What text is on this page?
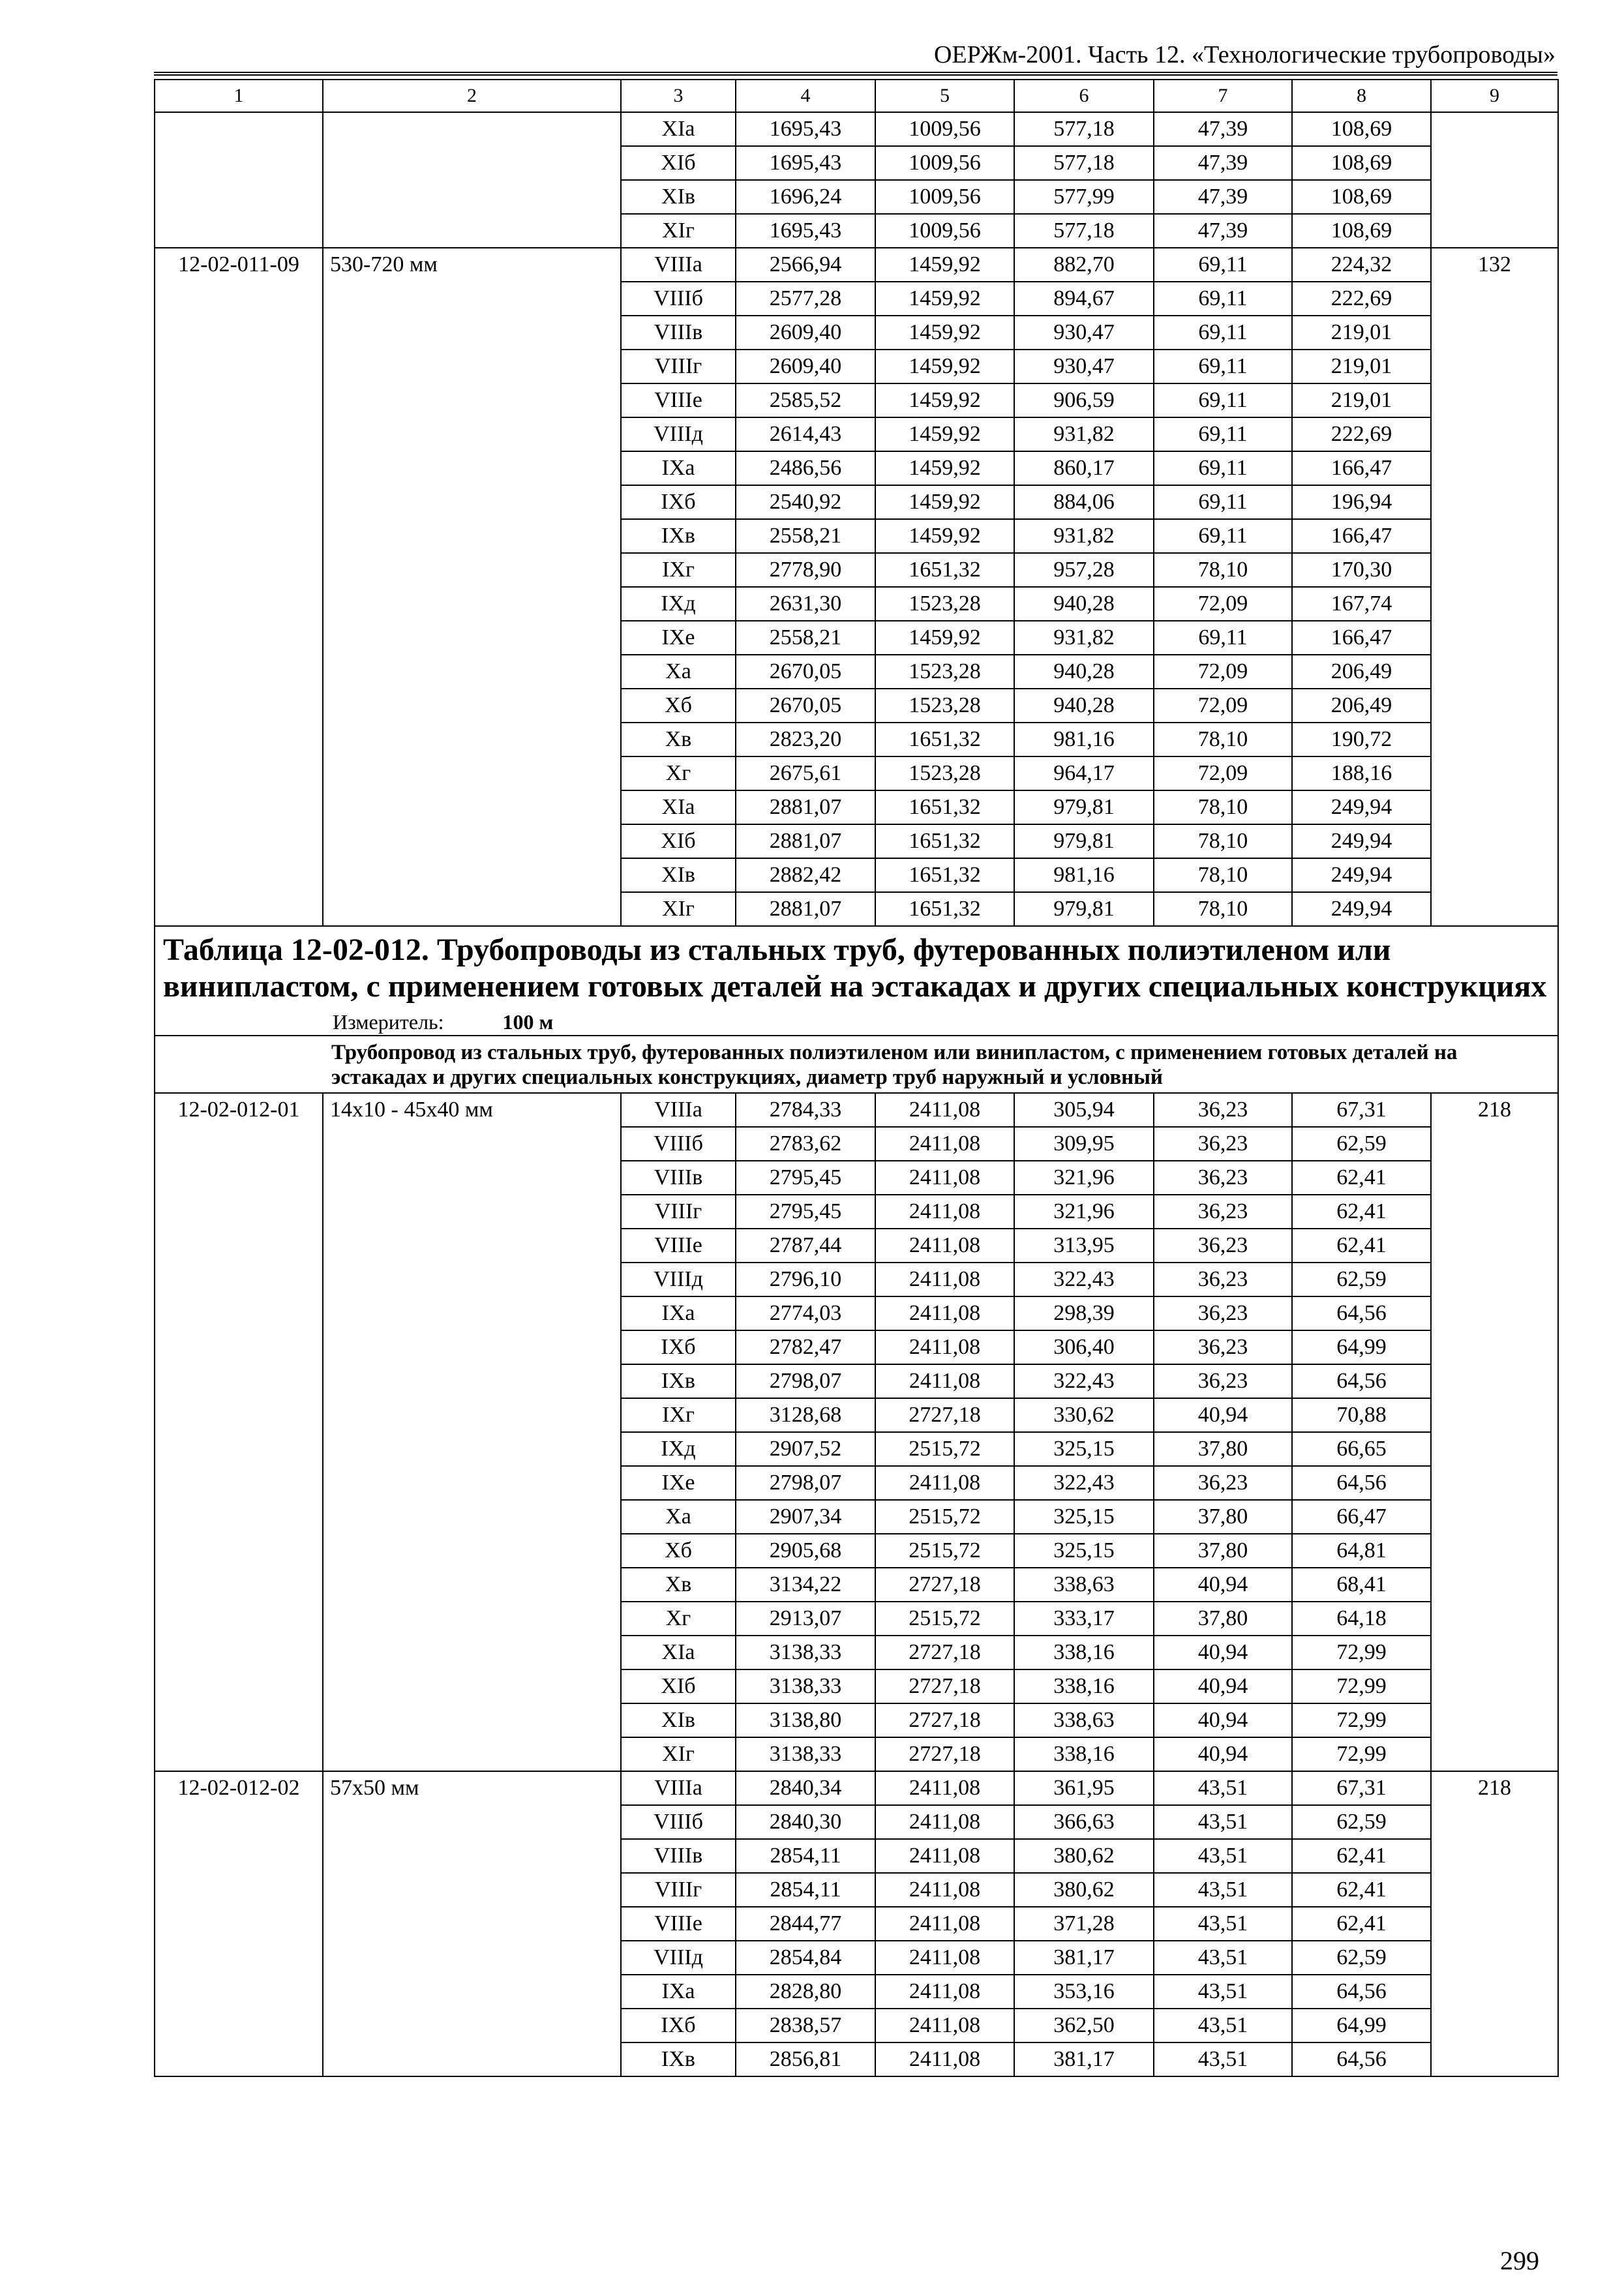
ОЕРЖм-2001. Часть 12. «Технологические трубопроводы»
1	2	3	4	5	6	7	8	9
		XIа	1695,43	1009,56	577,18	47,39	108,69	
		XIб	1695,43	1009,56	577,18	47,39	108,69	
		XIв	1696,24	1009,56	577,99	47,39	108,69	
		XIг	1695,43	1009,56	577,18	47,39	108,69	
12-02-011-09	530-720 мм	VIIIа	2566,94	1459,92	882,70	69,11	224,32	132
		VIIIб	2577,28	1459,92	894,67	69,11	222,69	
		VIIIв	2609,40	1459,92	930,47	69,11	219,01	
		VIIIг	2609,40	1459,92	930,47	69,11	219,01	
		VIIIе	2585,52	1459,92	906,59	69,11	219,01	
		VIIIд	2614,43	1459,92	931,82	69,11	222,69	
		IXа	2486,56	1459,92	860,17	69,11	166,47	
		IXб	2540,92	1459,92	884,06	69,11	196,94	
		IXв	2558,21	1459,92	931,82	69,11	166,47	
		IXг	2778,90	1651,32	957,28	78,10	170,30	
		IXд	2631,30	1523,28	940,28	72,09	167,74	
		IXе	2558,21	1459,92	931,82	69,11	166,47	
		Xа	2670,05	1523,28	940,28	72,09	206,49	
		Xб	2670,05	1523,28	940,28	72,09	206,49	
		Xв	2823,20	1651,32	981,16	78,10	190,72	
		Xг	2675,61	1523,28	964,17	72,09	188,16	
		XIа	2881,07	1651,32	979,81	78,10	249,94	
		XIб	2881,07	1651,32	979,81	78,10	249,94	
		XIв	2882,42	1651,32	981,16	78,10	249,94	
		XIг	2881,07	1651,32	979,81	78,10	249,94	

Таблица 12-02-012. Трубопроводы из стальных труб, футерованных полиэтиленом или винипластом, с применением готовых деталей на эстакадах и других специальных конструкциях
Измеритель: 100 м								

Трубопровод из стальных труб, футерованных полиэтиленом или винипластом, с применением готовых деталей на эстакадах и других специальных конструкциях, диаметр труб наружный и условный								
12-02-012-01	14х10 - 45х40 мм	VIIIа	2784,33	2411,08	305,94	36,23	67,31	218
		VIIIб	2783,62	2411,08	309,95	36,23	62,59	
		VIIIв	2795,45	2411,08	321,96	36,23	62,41	
		VIIIг	2795,45	2411,08	321,96	36,23	62,41	
		VIIIе	2787,44	2411,08	313,95	36,23	62,41	
		VIIIд	2796,10	2411,08	322,43	36,23	62,59	
		IXа	2774,03	2411,08	298,39	36,23	64,56	
		IXб	2782,47	2411,08	306,40	36,23	64,99	
		IXв	2798,07	2411,08	322,43	36,23	64,56	
		IXг	3128,68	2727,18	330,62	40,94	70,88	
		IXд	2907,52	2515,72	325,15	37,80	66,65	
		IXе	2798,07	2411,08	322,43	36,23	64,56	
		Xа	2907,34	2515,72	325,15	37,80	66,47	
		Xб	2905,68	2515,72	325,15	37,80	64,81	
		Xв	3134,22	2727,18	338,63	40,94	68,41	
		Xг	2913,07	2515,72	333,17	37,80	64,18	
		XIа	3138,33	2727,18	338,16	40,94	72,99	
		XIб	3138,33	2727,18	338,16	40,94	72,99	
		XIв	3138,80	2727,18	338,63	40,94	72,99	
		XIг	3138,33	2727,18	338,16	40,94	72,99	
12-02-012-02	57х50 мм	VIIIа	2840,34	2411,08	361,95	43,51	67,31	218
		VIIIб	2840,30	2411,08	366,63	43,51	62,59	
		VIIIв	2854,11	2411,08	380,62	43,51	62,41	
		VIIIг	2854,11	2411,08	380,62	43,51	62,41	
		VIIIе	2844,77	2411,08	371,28	43,51	62,41	
		VIIIд	2854,84	2411,08	381,17	43,51	62,59	
		IXа	2828,80	2411,08	353,16	43,51	64,56	
		IXб	2838,57	2411,08	362,50	43,51	64,99	
		IXв	2856,81	2411,08	381,17	43,51	64,56	
299
